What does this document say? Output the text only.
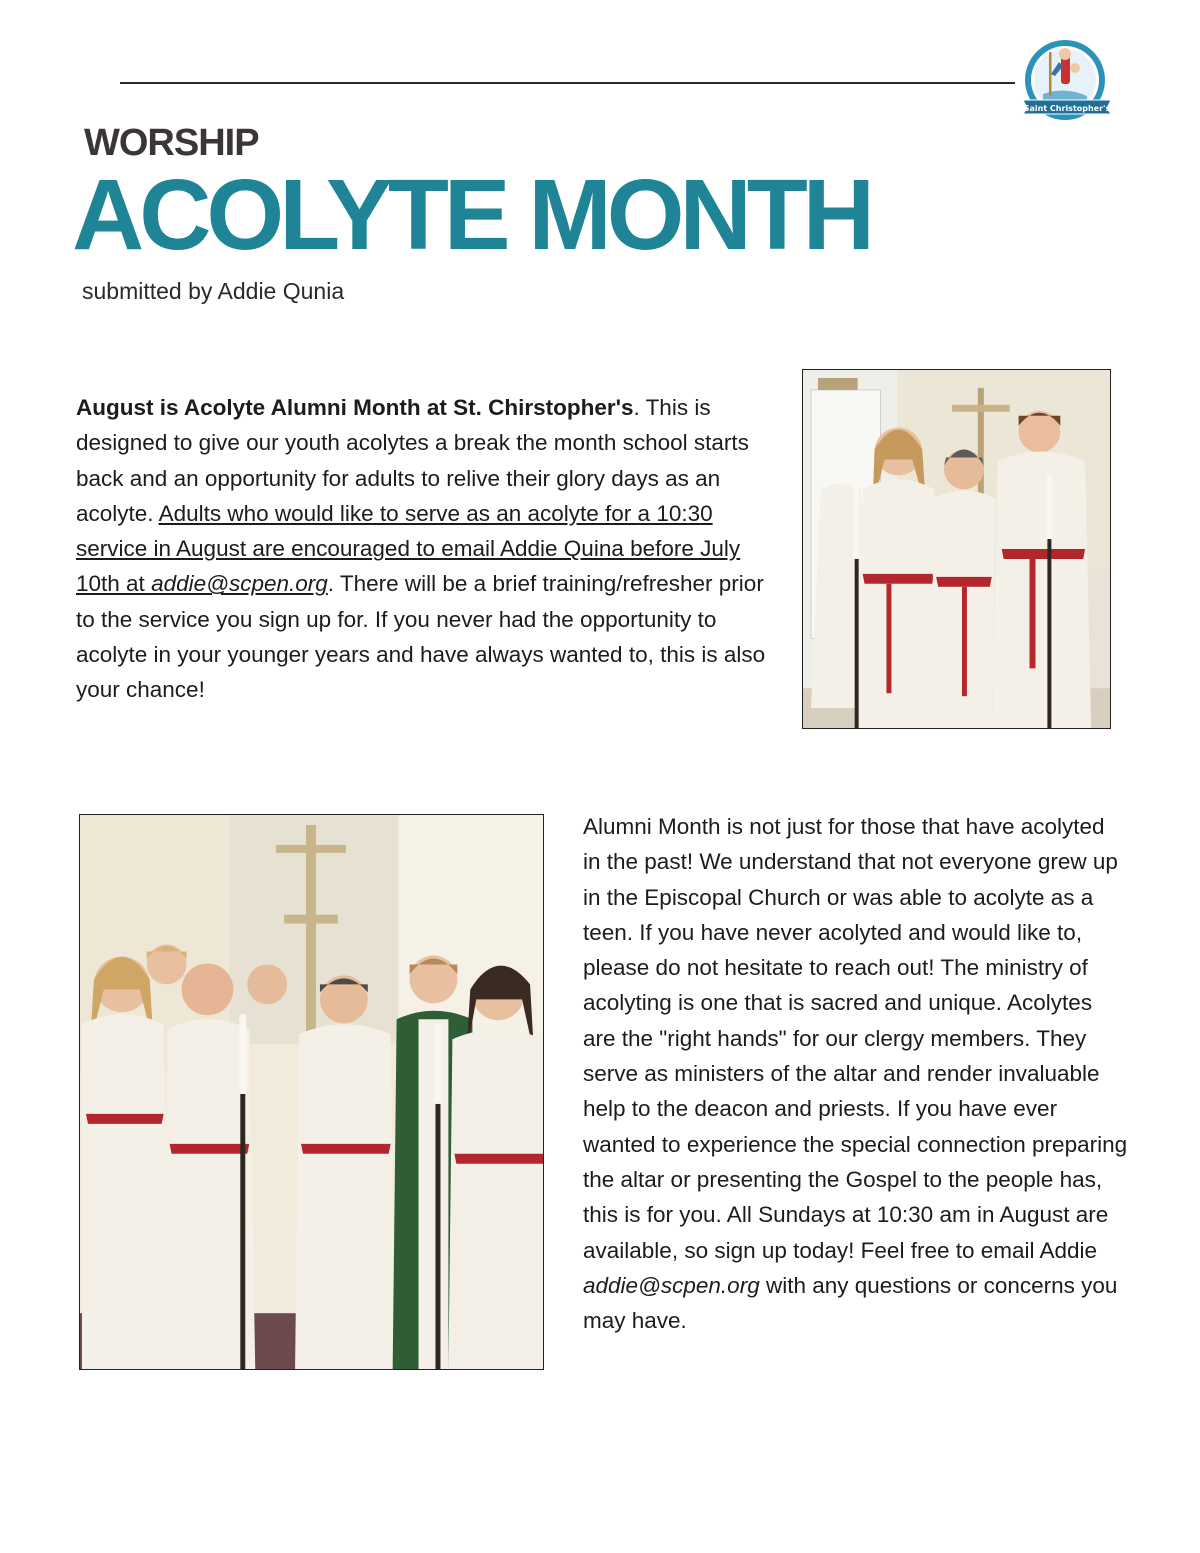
Saint Christopher's
WORSHIP
ACOLYTE MONTH
submitted by Addie Qunia
August is Acolyte Alumni Month at St. Chirstopher's. This is designed to give our youth acolytes a break the month school starts back and an opportunity for adults to relive their glory days as an acolyte. Adults who would like to serve as an acolyte for a 10:30 service in August are encouraged to email Addie Quina before July 10th at addie@scpen.org. There will be a brief training/refresher prior to the service you sign up for. If you never had the opportunity to acolyte in your younger years and have always wanted to, this is also your chance!
Alumni Month is not just for those that have acolyted in the past! We understand that not everyone grew up in the Episcopal Church or was able to acolyte as a teen. If you have never acolyted and would like to, please do not hesitate to reach out! The ministry of acolyting is one that is sacred and unique. Acolytes are the "right hands" for our clergy members. They serve as ministers of the altar and render invaluable help to the deacon and priests. If you have ever wanted to experience the special connection preparing the altar or presenting the Gospel to the people has, this is for you. All Sundays at 10:30 am in August are available, so sign up today! Feel free to email Addie addie@scpen.org with any questions or concerns you may have.
